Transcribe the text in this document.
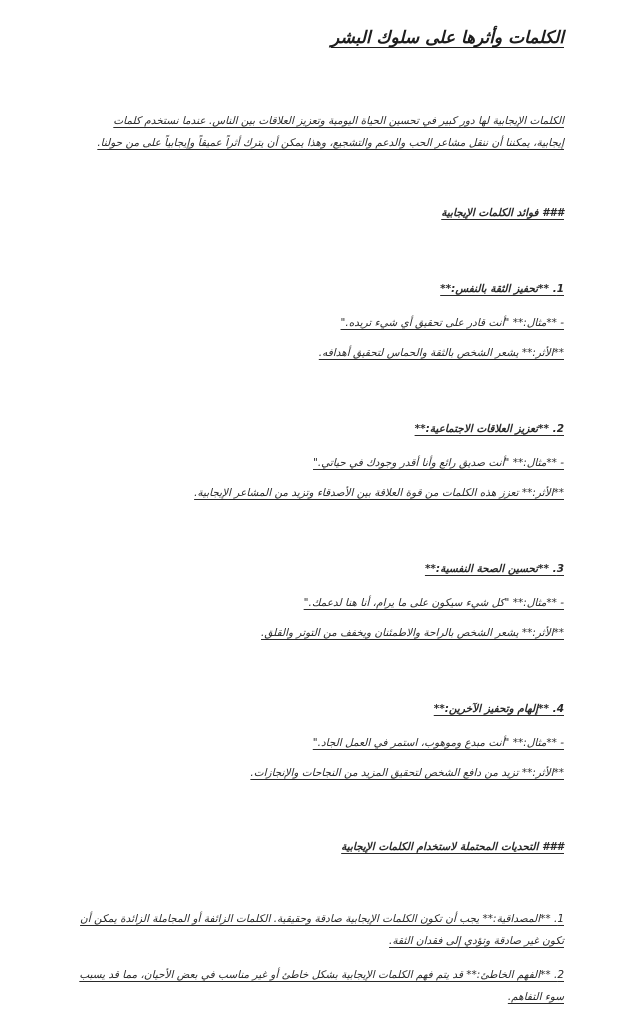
الكلمات وأثرها على سلوك البشر
الكلمات الإيجابية لها دور كبير في تحسين الحياة اليومية وتعزيز العلاقات بين الناس. عندما نستخدم كلمات
إيجابية، يمكننا أن ننقل مشاعر الحب والدعم والتشجيع، وهذا يمكن أن يترك أثراً عميقاً وإيجابياً على من حولنا.
### فوائد الكلمات الإيجابية
1. **تحفيز الثقة بالنفس:**
- **مثال:** "أنت قادر على تحقيق أي شيء تريده."
**الأثر:** يشعر الشخص بالثقة والحماس لتحقيق أهدافه.
2. **تعزيز العلاقات الاجتماعية:**
- **مثال:** "أنت صديق رائع وأنا أقدر وجودك في حياتي."
**الأثر:** تعزز هذه الكلمات من قوة العلاقة بين الأصدقاء وتزيد من المشاعر الإيجابية.
3. **تحسين الصحة النفسية:**
- **مثال:** "كل شيء سيكون على ما يرام، أنا هنا لدعمك."
**الأثر:** يشعر الشخص بالراحة والاطمئنان ويخفف من التوتر والقلق.
4. **إلهام وتحفيز الآخرين:**
- **مثال:** "أنت مبدع وموهوب، استمر في العمل الجاد."
**الأثر:** تزيد من دافع الشخص لتحقيق المزيد من النجاحات والإنجازات.
### التحديات المحتملة لاستخدام الكلمات الإيجابية
1. **المصداقية:** يجب أن تكون الكلمات الإيجابية صادقة وحقيقية. الكلمات الزائفة أو المجاملة الزائدة يمكن أن
تكون غير صادقة وتؤدي إلى فقدان الثقة.
2. **الفهم الخاطئ:** قد يتم فهم الكلمات الإيجابية بشكل خاطئ أو غير مناسب في بعض الأحيان، مما قد يسبب
سوء التفاهم.
